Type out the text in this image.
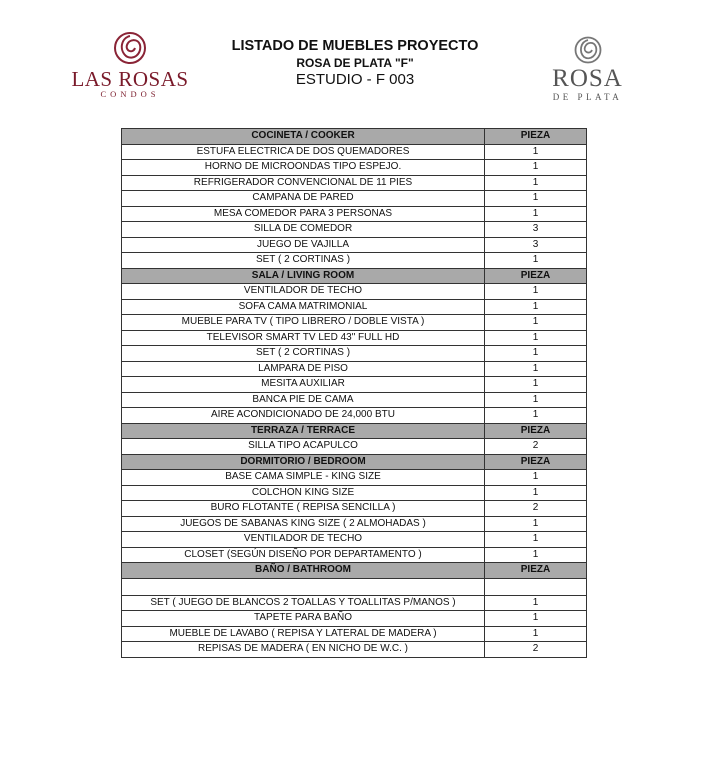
LAS ROSAS
CONDOS
LISTADO DE MUEBLES PROYECTO
ROSA DE PLATA "F"
ESTUDIO - F 003	ROSA
DE PLATA
COCINETA / COOKER	PIEZA
ESTUFA ELECTRICA DE DOS QUEMADORES	1
HORNO DE MICROONDAS TIPO ESPEJO.	1
REFRIGERADOR CONVENCIONAL DE 11 PIES	1
CAMPANA DE PARED	1
MESA COMEDOR PARA 3 PERSONAS	1
SILLA DE COMEDOR	3
JUEGO DE VAJILLA	3
SET ( 2 CORTINAS )	1
SALA / LIVING ROOM	PIEZA
VENTILADOR DE TECHO	1
SOFA CAMA MATRIMONIAL	1
MUEBLE PARA TV ( TIPO LIBRERO / DOBLE VISTA )	1
TELEVISOR SMART TV LED 43" FULL HD	1
SET ( 2 CORTINAS )	1
LAMPARA DE PISO	1
MESITA AUXILIAR	1
BANCA PIE DE CAMA	1
AIRE ACONDICIONADO DE 24,000 BTU	1
TERRAZA / TERRACE	PIEZA
SILLA TIPO ACAPULCO	2
DORMITORIO / BEDROOM	PIEZA
BASE CAMA SIMPLE - KING SIZE	1
COLCHON KING SIZE	1
BURO FLOTANTE ( REPISA SENCILLA )	2
JUEGOS DE SABANAS KING SIZE ( 2 ALMOHADAS )	1
VENTILADOR DE TECHO	1
CLOSET (SEGÚN DISEÑO POR DEPARTAMENTO )	1
BAÑO / BATHROOM	PIEZA

SET ( JUEGO DE BLANCOS 2 TOALLAS Y TOALLITAS P/MANOS )	1
TAPETE PARA BAÑO	1
MUEBLE DE LAVABO ( REPISA Y LATERAL DE MADERA )	1
REPISAS DE MADERA ( EN NICHO DE W.C. )	2
